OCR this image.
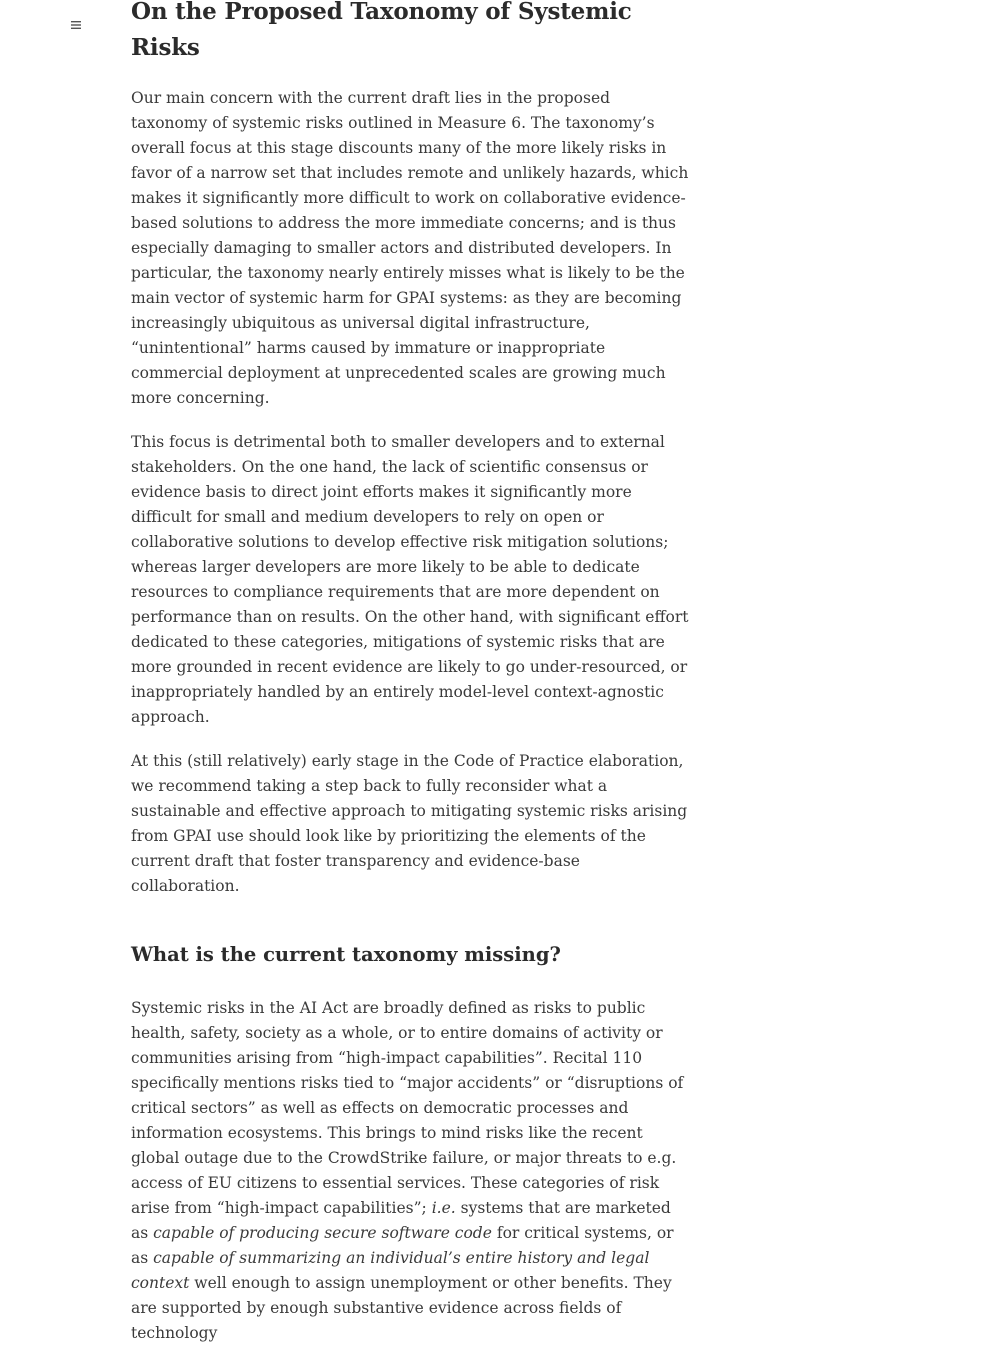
On the Proposed Taxonomy of Systemic Risks

Our main concern with the current draft lies in the proposed taxonomy of systemic risks outlined in Measure 6. The taxonomy’s overall focus at this stage discounts many of the more likely risks in favor of a narrow set that includes remote and unlikely hazards, which makes it significantly more difficult to work on collaborative evidence-based solutions to address the more immediate concerns; and is thus especially damaging to smaller actors and distributed developers. In particular, the taxonomy nearly entirely misses what is likely to be the main vector of systemic harm for GPAI systems: as they are becoming increasingly ubiquitous as universal digital infrastructure, “unintentional” harms caused by immature or inappropriate commercial deployment at unprecedented scales are growing much more concerning.

This focus is detrimental both to smaller developers and to external stakeholders. On the one hand, the lack of scientific consensus or evidence basis to direct joint efforts makes it significantly more difficult for small and medium developers to rely on open or collaborative solutions to develop effective risk mitigation solutions; whereas larger developers are more likely to be able to dedicate resources to compliance requirements that are more dependent on performance than on results. On the other hand, with significant effort dedicated to these categories, mitigations of systemic risks that are more grounded in recent evidence are likely to go under-resourced, or inappropriately handled by an entirely model-level context-agnostic approach.

At this (still relatively) early stage in the Code of Practice elaboration, we recommend taking a step back to fully reconsider what a sustainable and effective approach to mitigating systemic risks arising from GPAI use should look like by prioritizing the elements of the current draft that foster transparency and evidence-base collaboration.

What is the current taxonomy missing?

Systemic risks in the AI Act are broadly defined as risks to public health, safety, society as a whole, or to entire domains of activity or communities arising from “high-impact capabilities”. Recital 110 specifically mentions risks tied to “major accidents” or “disruptions of critical sectors” as well as effects on democratic processes and information ecosystems. This brings to mind risks like the recent global outage due to the CrowdStrike failure, or major threats to e.g. access of EU citizens to essential services. These categories of risk arise from “high-impact capabilities”; i.e. systems that are marketed as capable of producing secure software code for critical systems, or as capable of summarizing an individual’s entire history and legal context well enough to assign unemployment or other benefits. They are supported by enough substantive evidence across fields of technology
